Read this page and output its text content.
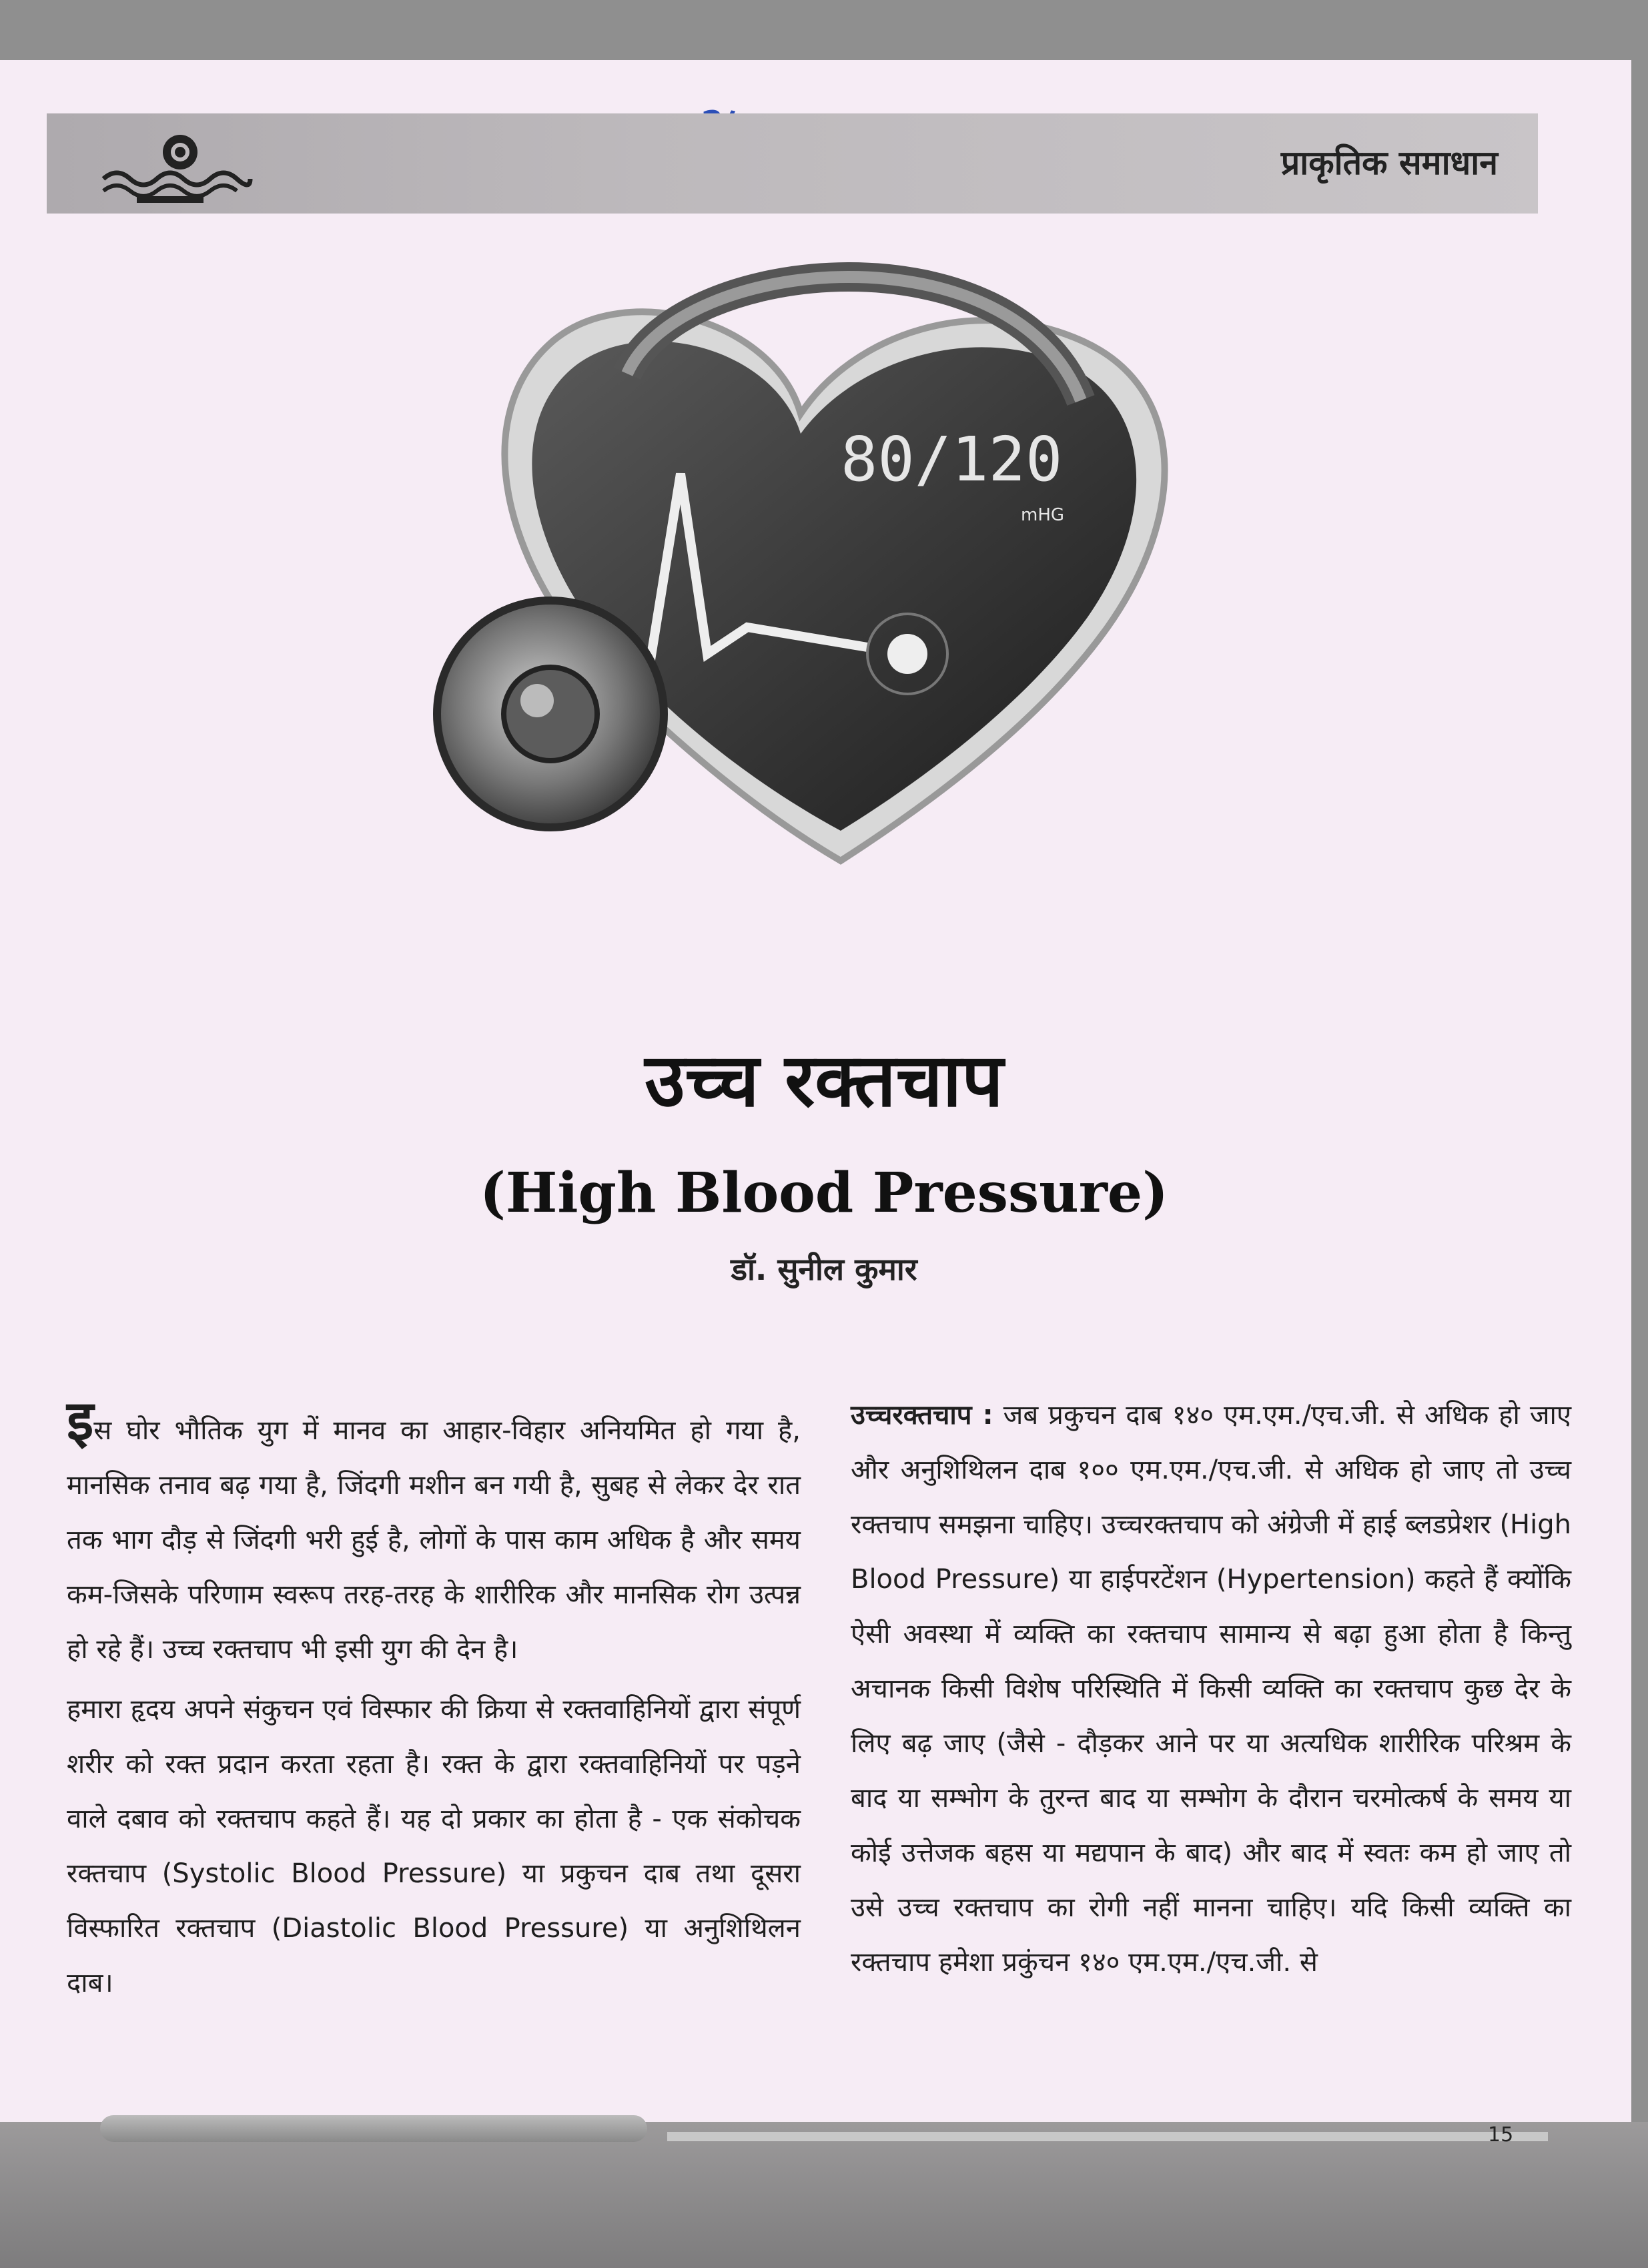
प्राकृतिक समाधान
80/120
mHG
उच्च रक्तचाप
(High Blood Pressure)
डॉ. सुनील कुमार

इस घोर भौतिक युग में मानव का आहार-विहार अनियमित हो गया है, मानसिक तनाव बढ़ गया है, जिंदगी मशीन बन गयी है, सुबह से लेकर देर रात तक भाग दौड़ से जिंदगी भरी हुई है, लोगों के पास काम अधिक है और समय कम-जिसके परिणाम स्वरूप तरह-तरह के शारीरिक और मानसिक रोग उत्पन्न हो रहे हैं। उच्च रक्तचाप भी इसी युग की देन है।

हमारा हृदय अपने संकुचन एवं विस्फार की क्रिया से रक्तवाहिनियों द्वारा संपूर्ण शरीर को रक्त प्रदान करता रहता है। रक्त के द्वारा रक्तवाहिनियों पर पड़ने वाले दबाव को रक्तचाप कहते हैं। यह दो प्रकार का होता है - एक संकोचक रक्तचाप (Systolic Blood Pressure) या प्रकुचन दाब तथा दूसरा विस्फारित रक्तचाप (Diastolic Blood Pressure) या अनुशिथिलन दाब।

उच्चरक्तचाप : जब प्रकुचन दाब १४० एम.एम./एच.जी. से अधिक हो जाए और अनुशिथिलन दाब १०० एम.एम./एच.जी. से अधिक हो जाए तो उच्च रक्तचाप समझना चाहिए। उच्चरक्तचाप को अंग्रेजी में हाई ब्लडप्रेशर (High Blood Pressure) या हाईपरटेंशन (Hypertension) कहते हैं क्योंकि ऐसी अवस्था में व्यक्ति का रक्तचाप सामान्य से बढ़ा हुआ होता है किन्तु अचानक किसी विशेष परिस्थिति में किसी व्यक्ति का रक्तचाप कुछ देर के लिए बढ़ जाए (जैसे - दौड़कर आने पर या अत्यधिक शारीरिक परिश्रम के बाद या सम्भोग के तुरन्त बाद या सम्भोग के दौरान चरमोत्कर्ष के समय या कोई उत्तेजक बहस या मद्यपान के बाद) और बाद में स्वतः कम हो जाए तो उसे उच्च रक्तचाप का रोगी नहीं मानना चाहिए। यदि किसी व्यक्ति का रक्तचाप हमेशा प्रकुंचन १४० एम.एम./एच.जी. से

15
